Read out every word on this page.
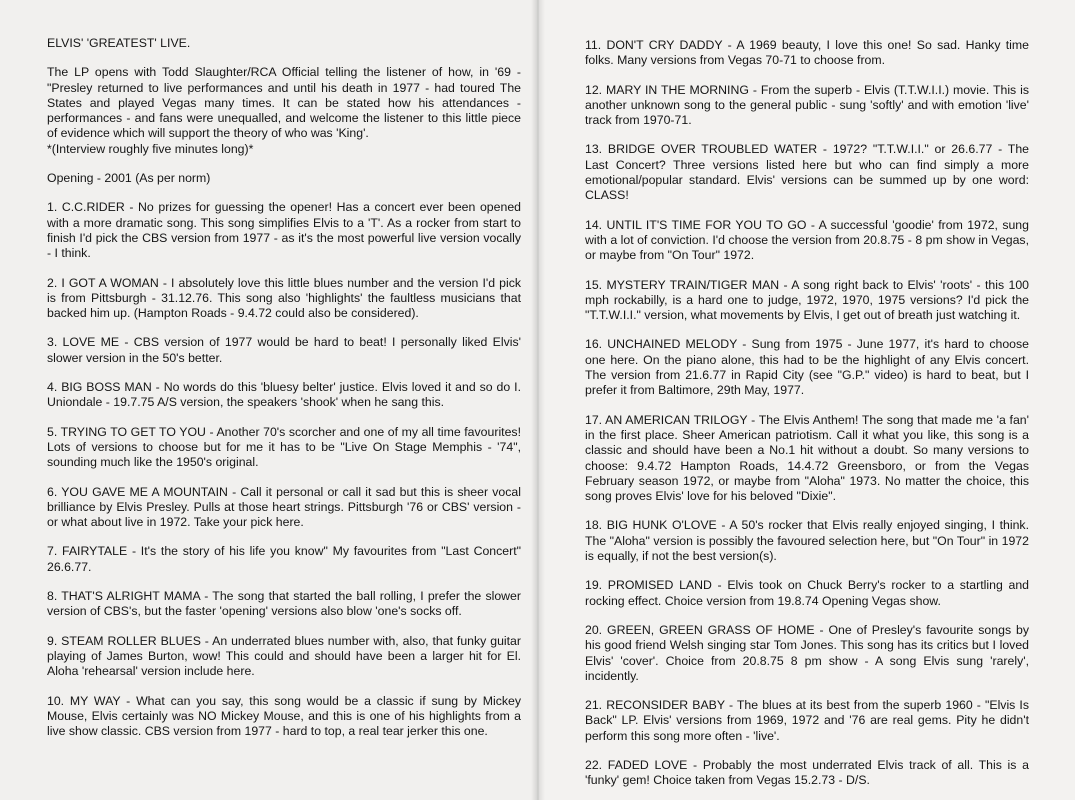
ELVIS' 'GREATEST' LIVE.

The LP opens with Todd Slaughter/RCA Official telling the listener of how, in '69 - "Presley returned to live performances and until his death in 1977 - had toured The States and played Vegas many times. It can be stated how his attendances - performances - and fans were unequalled, and welcome the listener to this little piece of evidence which will support the theory of who was 'King'.

*(Interview roughly five minutes long)*

Opening - 2001 (As per norm)

1. C.C.RIDER - No prizes for guessing the opener! Has a concert ever been opened with a more dramatic song. This song simplifies Elvis to a 'T'. As a rocker from start to finish I'd pick the CBS version from 1977 - as it's the most powerful live version vocally - I think.

2. I GOT A WOMAN - I absolutely love this little blues number and the version I'd pick is from Pittsburgh - 31.12.76. This song also 'highlights' the faultless musicians that backed him up. (Hampton Roads - 9.4.72 could also be considered).

3. LOVE ME - CBS version of 1977 would be hard to beat! I personally liked Elvis' slower version in the 50's better.

4. BIG BOSS MAN - No words do this 'bluesy belter' justice. Elvis loved it and so do I. Uniondale - 19.7.75 A/S version, the speakers 'shook' when he sang this.

5. TRYING TO GET TO YOU - Another 70's scorcher and one of my all time favourites! Lots of versions to choose but for me it has to be "Live On Stage Memphis - '74", sounding much like the 1950's original.

6. YOU GAVE ME A MOUNTAIN - Call it personal or call it sad but this is sheer vocal brilliance by Elvis Presley. Pulls at those heart strings. Pittsburgh '76 or CBS' version - or what about live in 1972. Take your pick here.

7. FAIRYTALE - It's the story of his life you know" My favourites from "Last Concert" 26.6.77.

8. THAT'S ALRIGHT MAMA - The song that started the ball rolling, I prefer the slower version of CBS's, but the faster 'opening' versions also blow 'one's socks off.

9. STEAM ROLLER BLUES - An underrated blues number with, also, that funky guitar playing of James Burton, wow! This could and should have been a larger hit for El. Aloha 'rehearsal' version include here.

10. MY WAY - What can you say, this song would be a classic if sung by Mickey Mouse, Elvis certainly was NO Mickey Mouse, and this is one of his highlights from a live show classic. CBS version from 1977 - hard to top, a real tear jerker this one.

11. DON'T CRY DADDY - A 1969 beauty, I love this one! So sad. Hanky time folks. Many versions from Vegas 70-71 to choose from.

12. MARY IN THE MORNING - From the superb - Elvis (T.T.W.I.I.) movie. This is another unknown song to the general public - sung 'softly' and with emotion 'live' track from 1970-71.

13. BRIDGE OVER TROUBLED WATER - 1972? "T.T.W.I.I." or 26.6.77 - The Last Concert? Three versions listed here but who can find simply a more emotional/popular standard. Elvis' versions can be summed up by one word: CLASS!

14. UNTIL IT'S TIME FOR YOU TO GO - A successful 'goodie' from 1972, sung with a lot of conviction. I'd choose the version from 20.8.75 - 8 pm show in Vegas, or maybe from "On Tour" 1972.

15. MYSTERY TRAIN/TIGER MAN - A song right back to Elvis' 'roots' - this 100 mph rockabilly, is a hard one to judge, 1972, 1970, 1975 versions? I'd pick the "T.T.W.I.I." version, what movements by Elvis, I get out of breath just watching it.

16. UNCHAINED MELODY - Sung from 1975 - June 1977, it's hard to choose one here. On the piano alone, this had to be the highlight of any Elvis concert. The version from 21.6.77 in Rapid City (see "G.P." video) is hard to beat, but I prefer it from Baltimore, 29th May, 1977.

17. AN AMERICAN TRILOGY - The Elvis Anthem! The song that made me 'a fan' in the first place. Sheer American patriotism. Call it what you like, this song is a classic and should have been a No.1 hit without a doubt. So many versions to choose: 9.4.72 Hampton Roads, 14.4.72 Greensboro, or from the Vegas February season 1972, or maybe from "Aloha" 1973. No matter the choice, this song proves Elvis' love for his beloved "Dixie".

18. BIG HUNK O'LOVE - A 50's rocker that Elvis really enjoyed singing, I think. The "Aloha" version is possibly the favoured selection here, but "On Tour" in 1972 is equally, if not the best version(s).

19. PROMISED LAND - Elvis took on Chuck Berry's rocker to a startling and rocking effect. Choice version from 19.8.74 Opening Vegas show.

20. GREEN, GREEN GRASS OF HOME - One of Presley's favourite songs by his good friend Welsh singing star Tom Jones. This song has its critics but I loved Elvis' 'cover'. Choice from 20.8.75 8 pm show - A song Elvis sung 'rarely', incidently.

21. RECONSIDER BABY - The blues at its best from the superb 1960 - "Elvis Is Back" LP. Elvis' versions from 1969, 1972 and '76 are real gems. Pity he didn't perform this song more often - 'live'.

22. FADED LOVE - Probably the most underrated Elvis track of all. This is a 'funky' gem! Choice taken from Vegas 15.2.73 - D/S.
